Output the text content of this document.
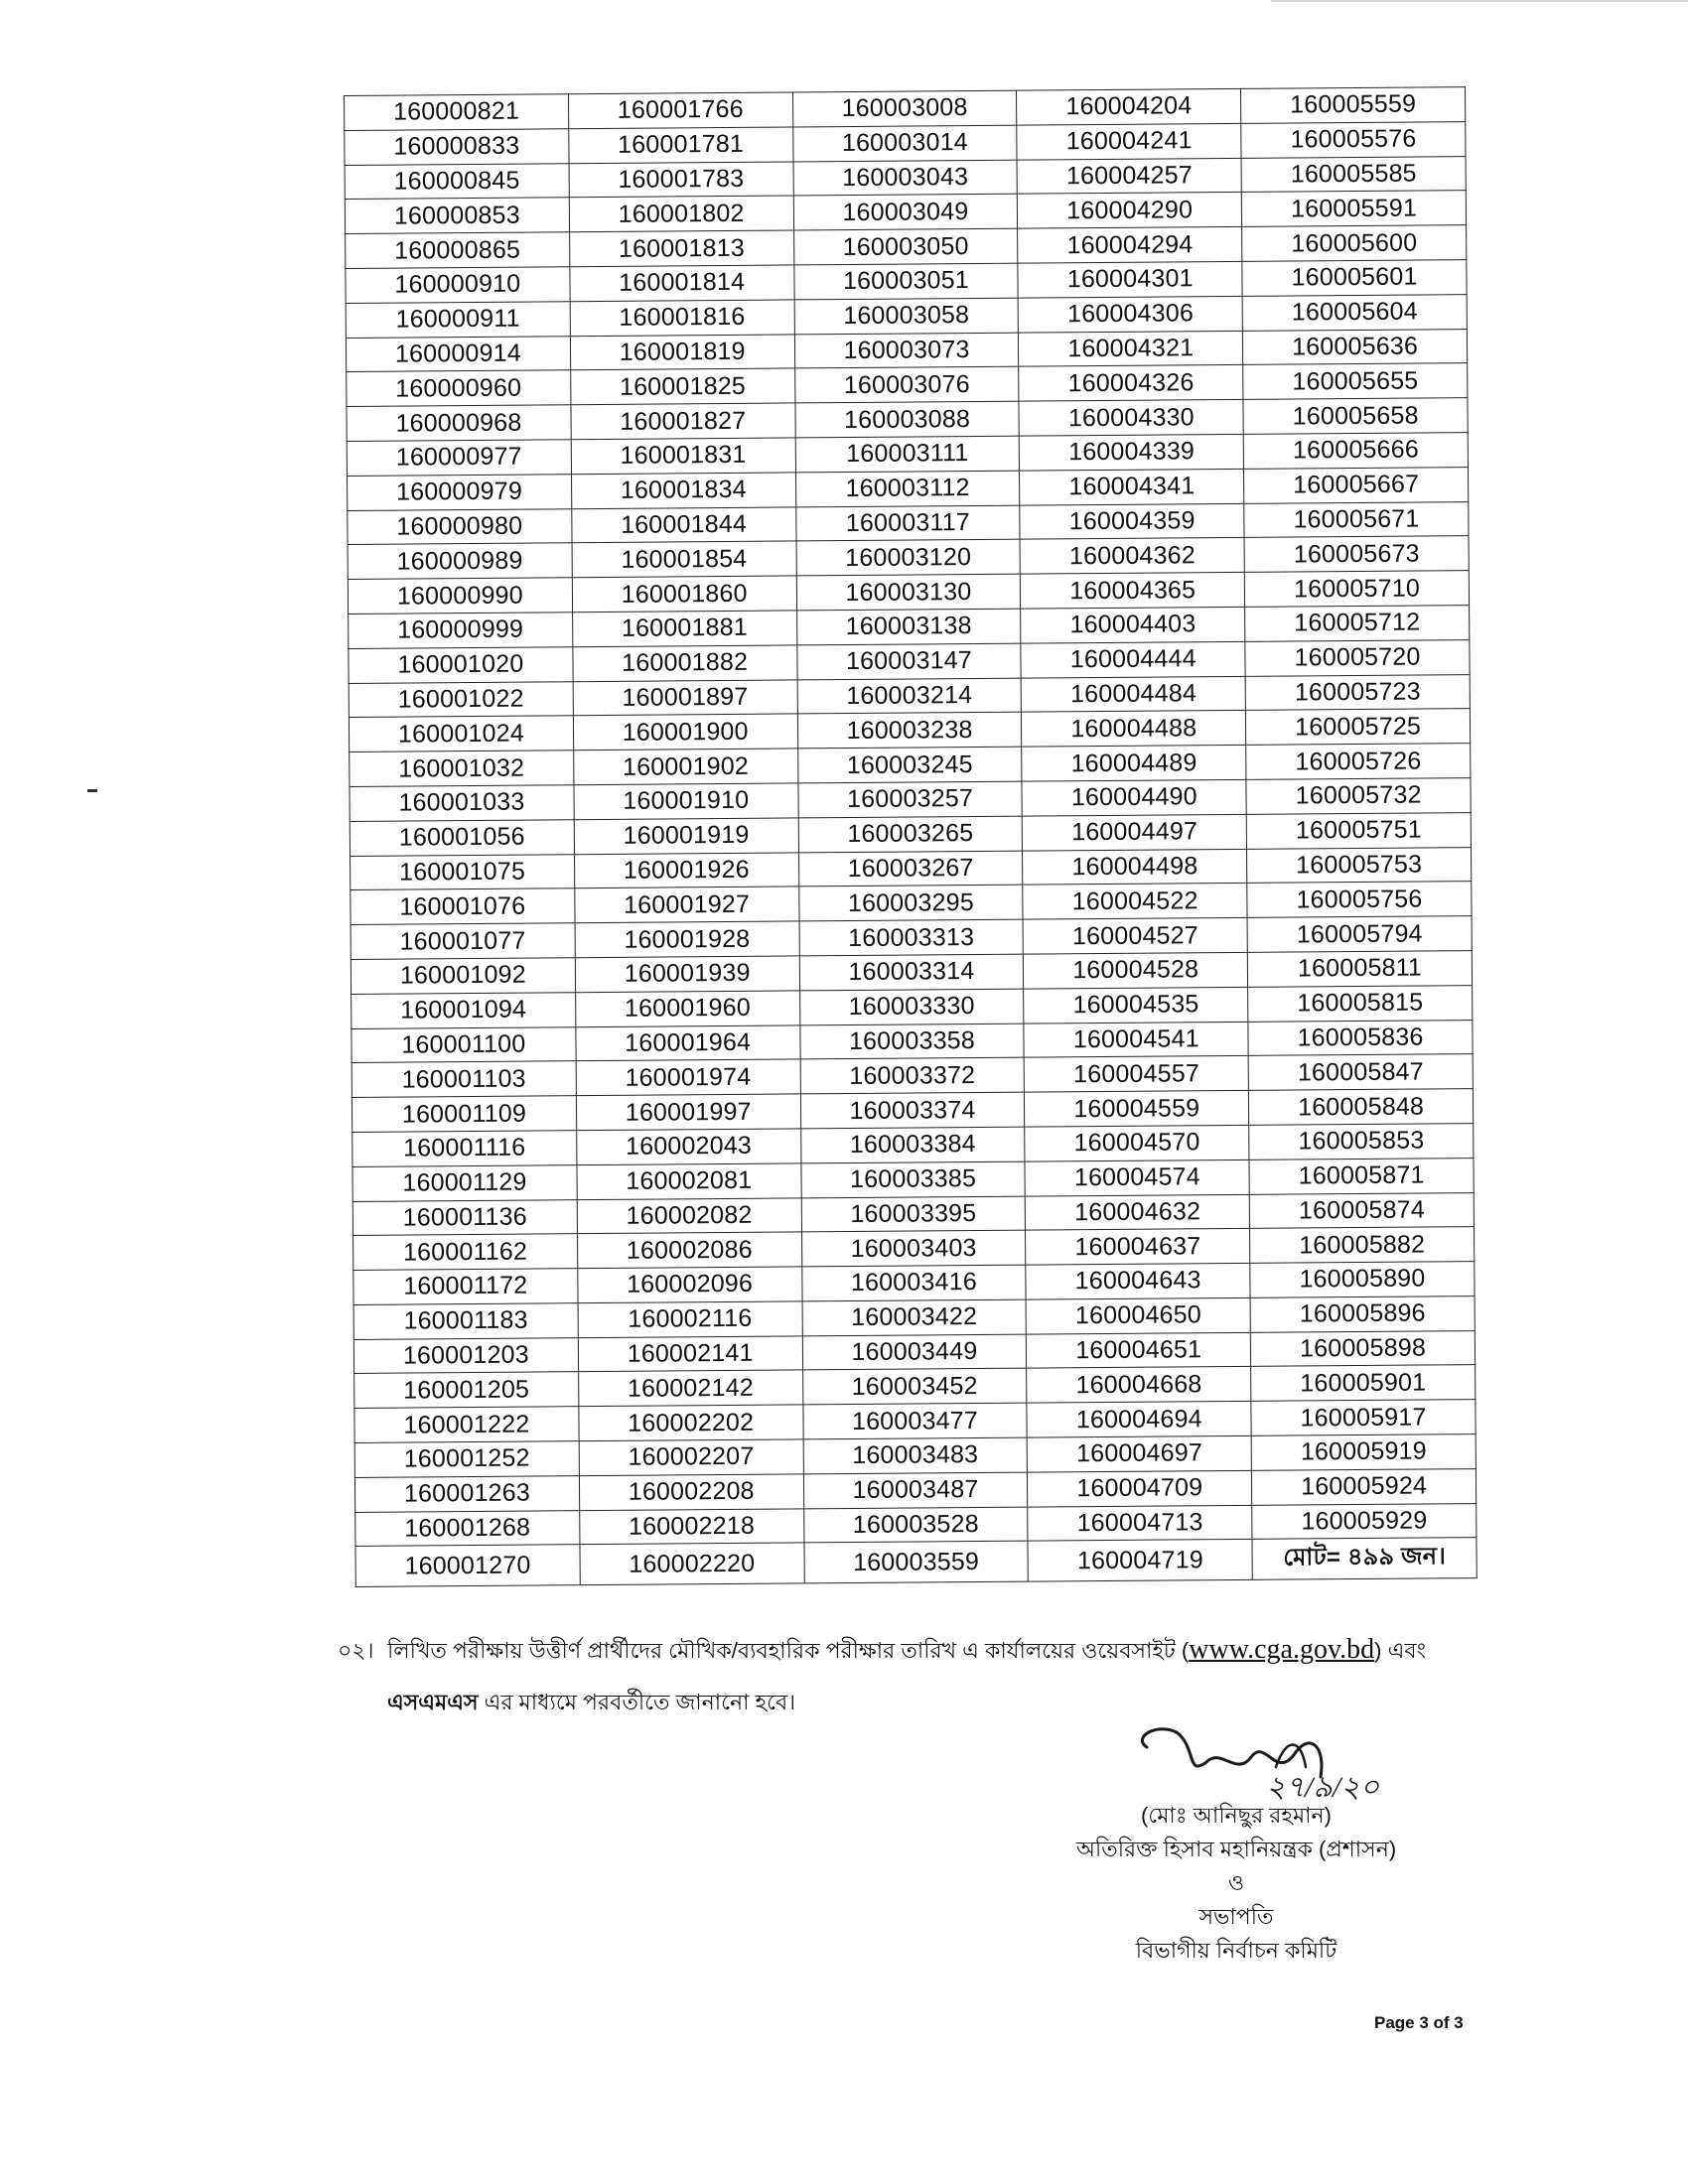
160000821	160001766	160003008	160004204	160005559
160000833	160001781	160003014	160004241	160005576
160000845	160001783	160003043	160004257	160005585
160000853	160001802	160003049	160004290	160005591
160000865	160001813	160003050	160004294	160005600
160000910	160001814	160003051	160004301	160005601
160000911	160001816	160003058	160004306	160005604
160000914	160001819	160003073	160004321	160005636
160000960	160001825	160003076	160004326	160005655
160000968	160001827	160003088	160004330	160005658
160000977	160001831	160003111	160004339	160005666
160000979	160001834	160003112	160004341	160005667
160000980	160001844	160003117	160004359	160005671
160000989	160001854	160003120	160004362	160005673
160000990	160001860	160003130	160004365	160005710
160000999	160001881	160003138	160004403	160005712
160001020	160001882	160003147	160004444	160005720
160001022	160001897	160003214	160004484	160005723
160001024	160001900	160003238	160004488	160005725
160001032	160001902	160003245	160004489	160005726
160001033	160001910	160003257	160004490	160005732
160001056	160001919	160003265	160004497	160005751
160001075	160001926	160003267	160004498	160005753
160001076	160001927	160003295	160004522	160005756
160001077	160001928	160003313	160004527	160005794
160001092	160001939	160003314	160004528	160005811
160001094	160001960	160003330	160004535	160005815
160001100	160001964	160003358	160004541	160005836
160001103	160001974	160003372	160004557	160005847
160001109	160001997	160003374	160004559	160005848
160001116	160002043	160003384	160004570	160005853
160001129	160002081	160003385	160004574	160005871
160001136	160002082	160003395	160004632	160005874
160001162	160002086	160003403	160004637	160005882
160001172	160002096	160003416	160004643	160005890
160001183	160002116	160003422	160004650	160005896
160001203	160002141	160003449	160004651	160005898
160001205	160002142	160003452	160004668	160005901
160001222	160002202	160003477	160004694	160005917
160001252	160002207	160003483	160004697	160005919
160001263	160002208	160003487	160004709	160005924
160001268	160002218	160003528	160004713	160005929
160001270	160002220	160003559	160004719	মোট= ৪৯৯ জন।
০২। লিখিত পরীক্ষায় উত্তীর্ণ প্রার্থীদের মৌখিক/ব্যবহারিক পরীক্ষার তারিখ এ কার্যালয়ের ওয়েবসাইট (www.cga.gov.bd) এবং
এসএমএস এর মাধ্যমে পরবর্তীতে জানানো হবে।
২৭/৯/২০
(মোঃ আনিছুর রহমান)
অতিরিক্ত হিসাব মহানিয়ন্ত্রক (প্রশাসন)
ও
সভাপতি
বিভাগীয় নির্বাচন কমিটি
Page 3 of 3
